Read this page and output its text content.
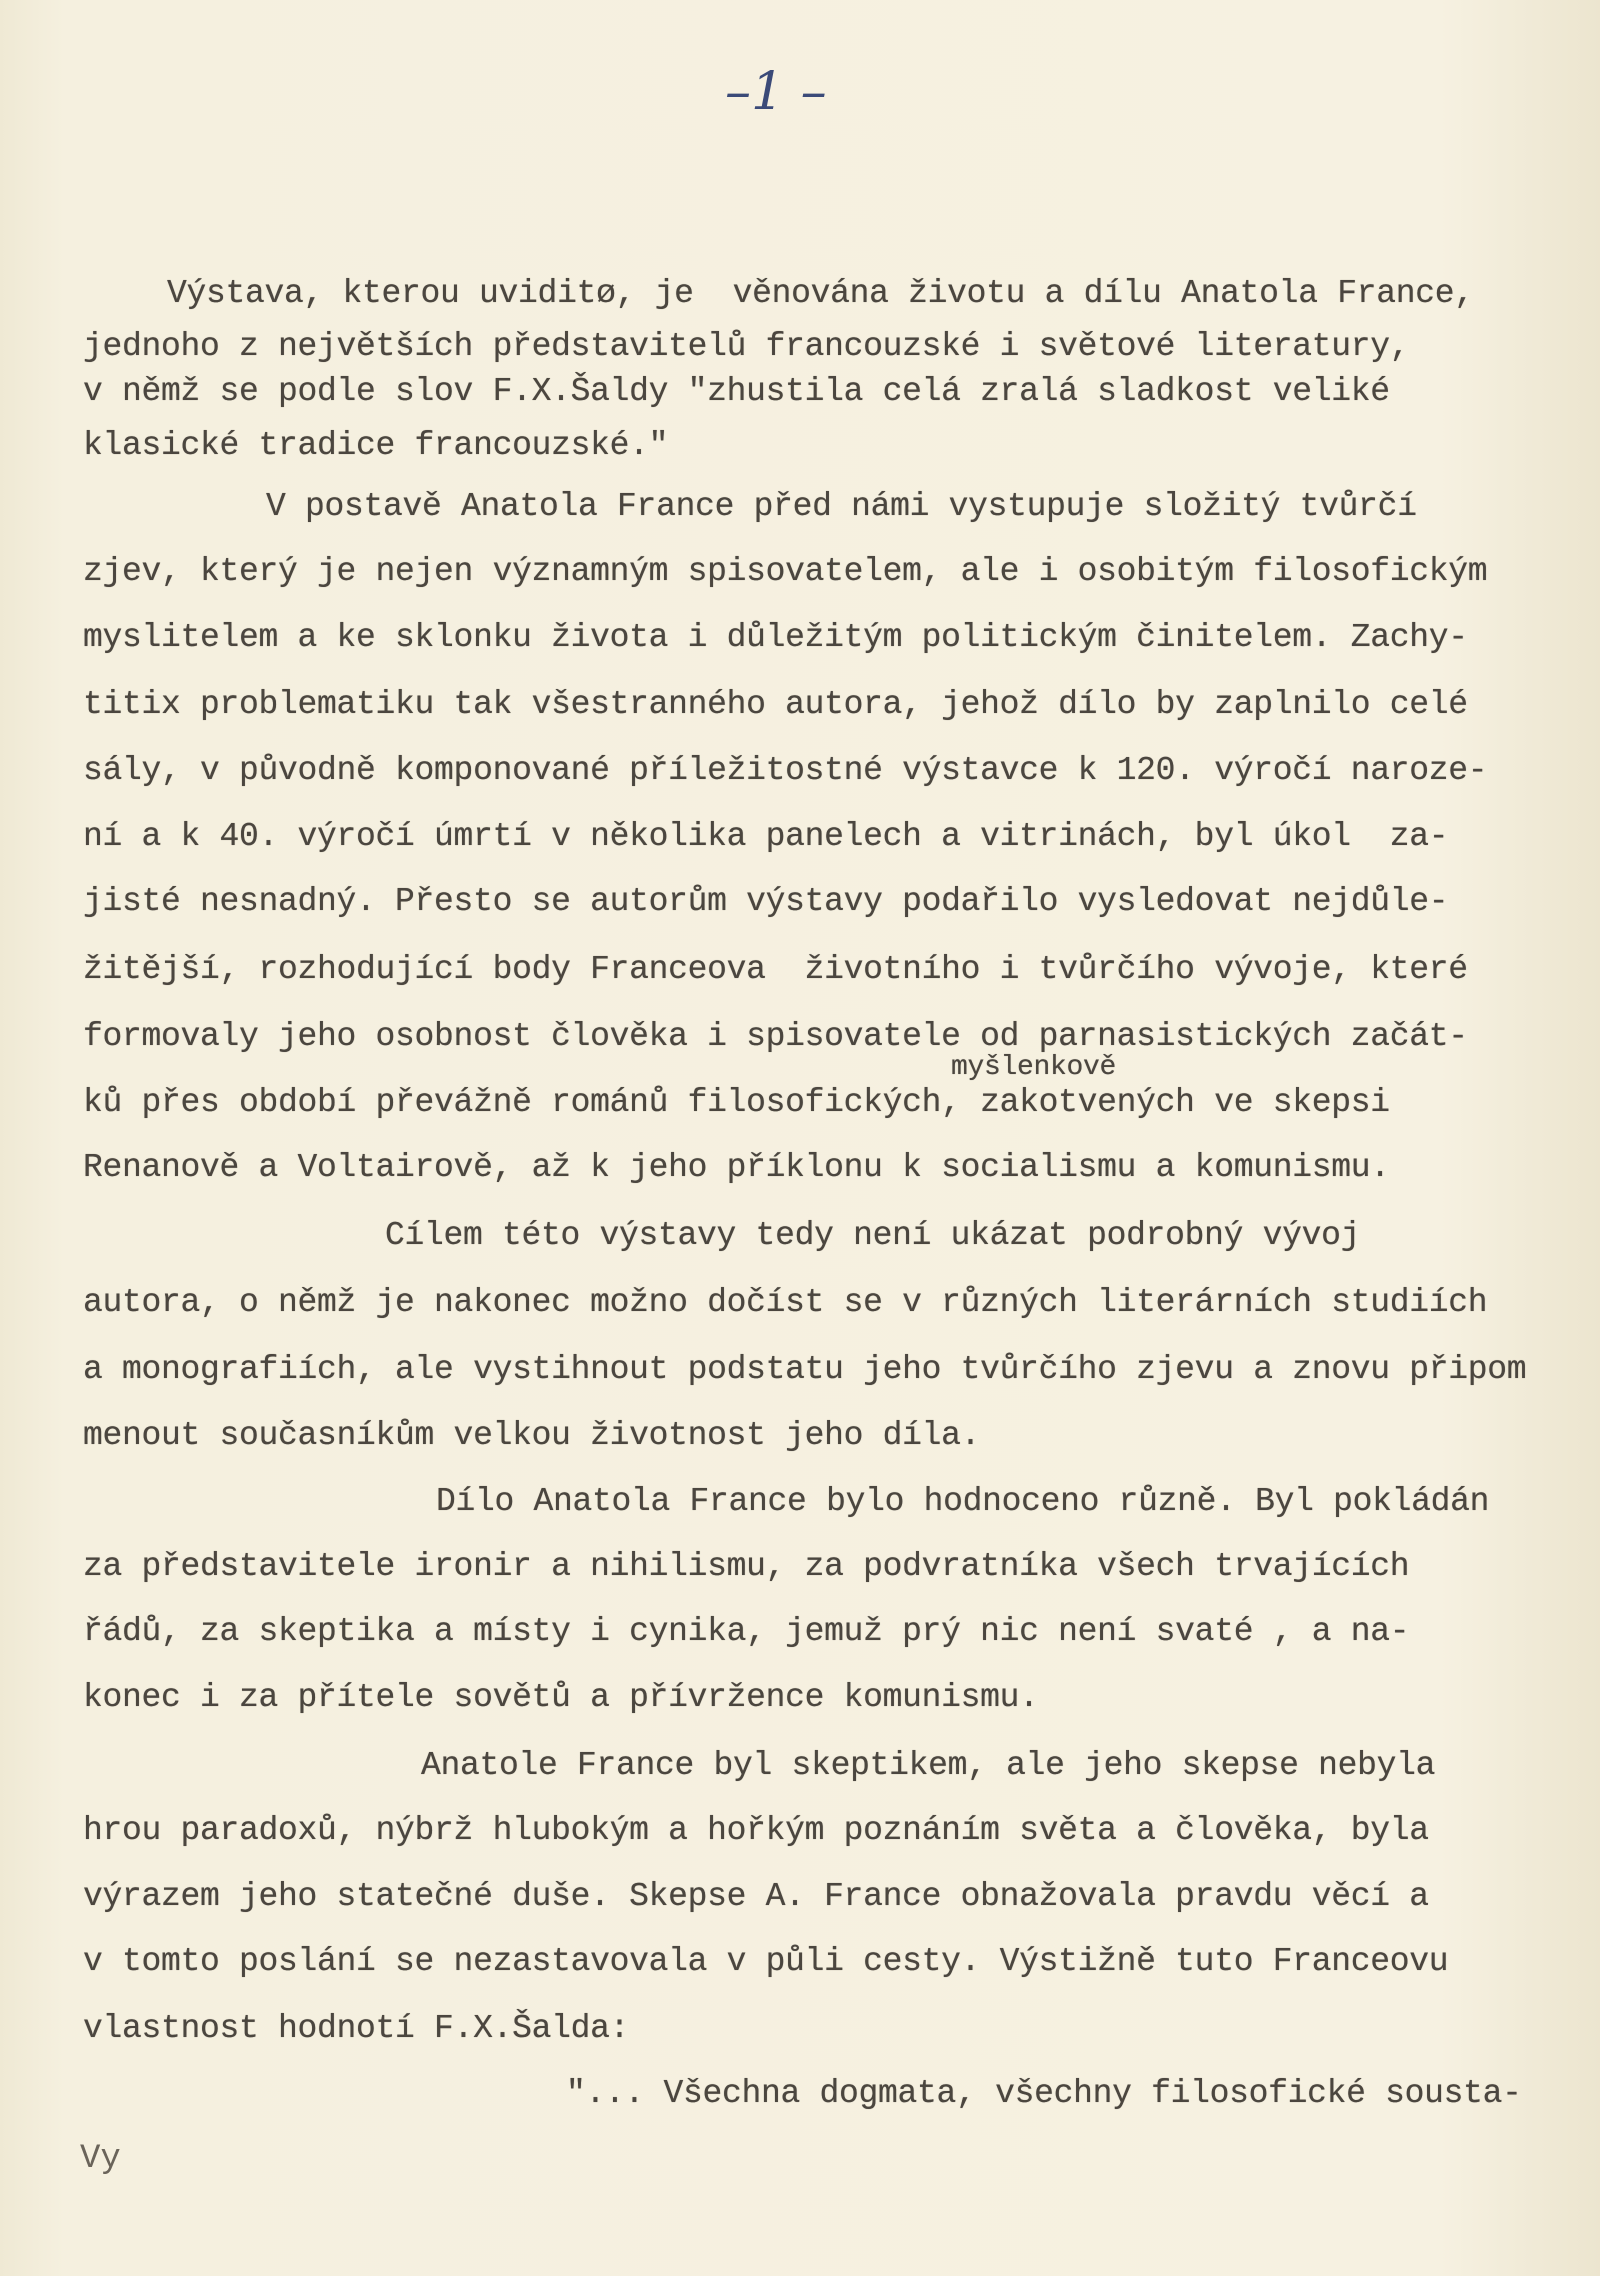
–1 –
Výstava, kterou uviditø, je  věnována životu a dílu Anatola France,
jednoho z největších představitelů francouzské i světové literatury,
v němž se podle slov F.X.Šaldy "zhustila celá zralá sladkost veliké
klasické tradice francouzské."
V postavě Anatola France před námi vystupuje složitý tvůrčí
zjev, který je nejen významným spisovatelem, ale i osobitým filosofickým
myslitelem a ke sklonku života i důležitým politickým činitelem. Zachy-
titix problematiku tak všestranného autora, jehož dílo by zaplnilo celé
sály, v původně komponované příležitostné výstavce k 120. výročí naroze-
ní a k 40. výročí úmrtí v několika panelech a vitrinách, byl úkol  za-
jisté nesnadný. Přesto se autorům výstavy podařilo vysledovat nejdůle-
žitější, rozhodující body Franceova  životního i tvůrčího vývoje, které
formovaly jeho osobnost člověka i spisovatele od parnasistických začát-
myšlenkově
ků přes období převážně románů filosofických, zakotvených ve skepsi
Renanově a Voltairově, až k jeho příklonu k socialismu a komunismu.
Cílem této výstavy tedy není ukázat podrobný vývoj
autora, o němž je nakonec možno dočíst se v různých literárních studiích
a monografiích, ale vystihnout podstatu jeho tvůrčího zjevu a znovu připom
menout současníkům velkou životnost jeho díla.
Dílo Anatola France bylo hodnoceno různě. Byl pokládán
za představitele ironir a nihilismu, za podvratníka všech trvajících
řádů, za skeptika a místy i cynika, jemuž prý nic není svaté , a na-
konec i za přítele sovětů a přívržence komunismu.
Anatole France byl skeptikem, ale jeho skepse nebyla
hrou paradoxů, nýbrž hlubokým a hořkým poznáním světa a člověka, byla
výrazem jeho statečné duše. Skepse A. France obnažovala pravdu věcí a
v tomto poslání se nezastavovala v půli cesty. Výstižně tuto Franceovu
vlastnost hodnotí F.X.Šalda:
"... Všechna dogmata, všechny filosofické sousta-
Vy
